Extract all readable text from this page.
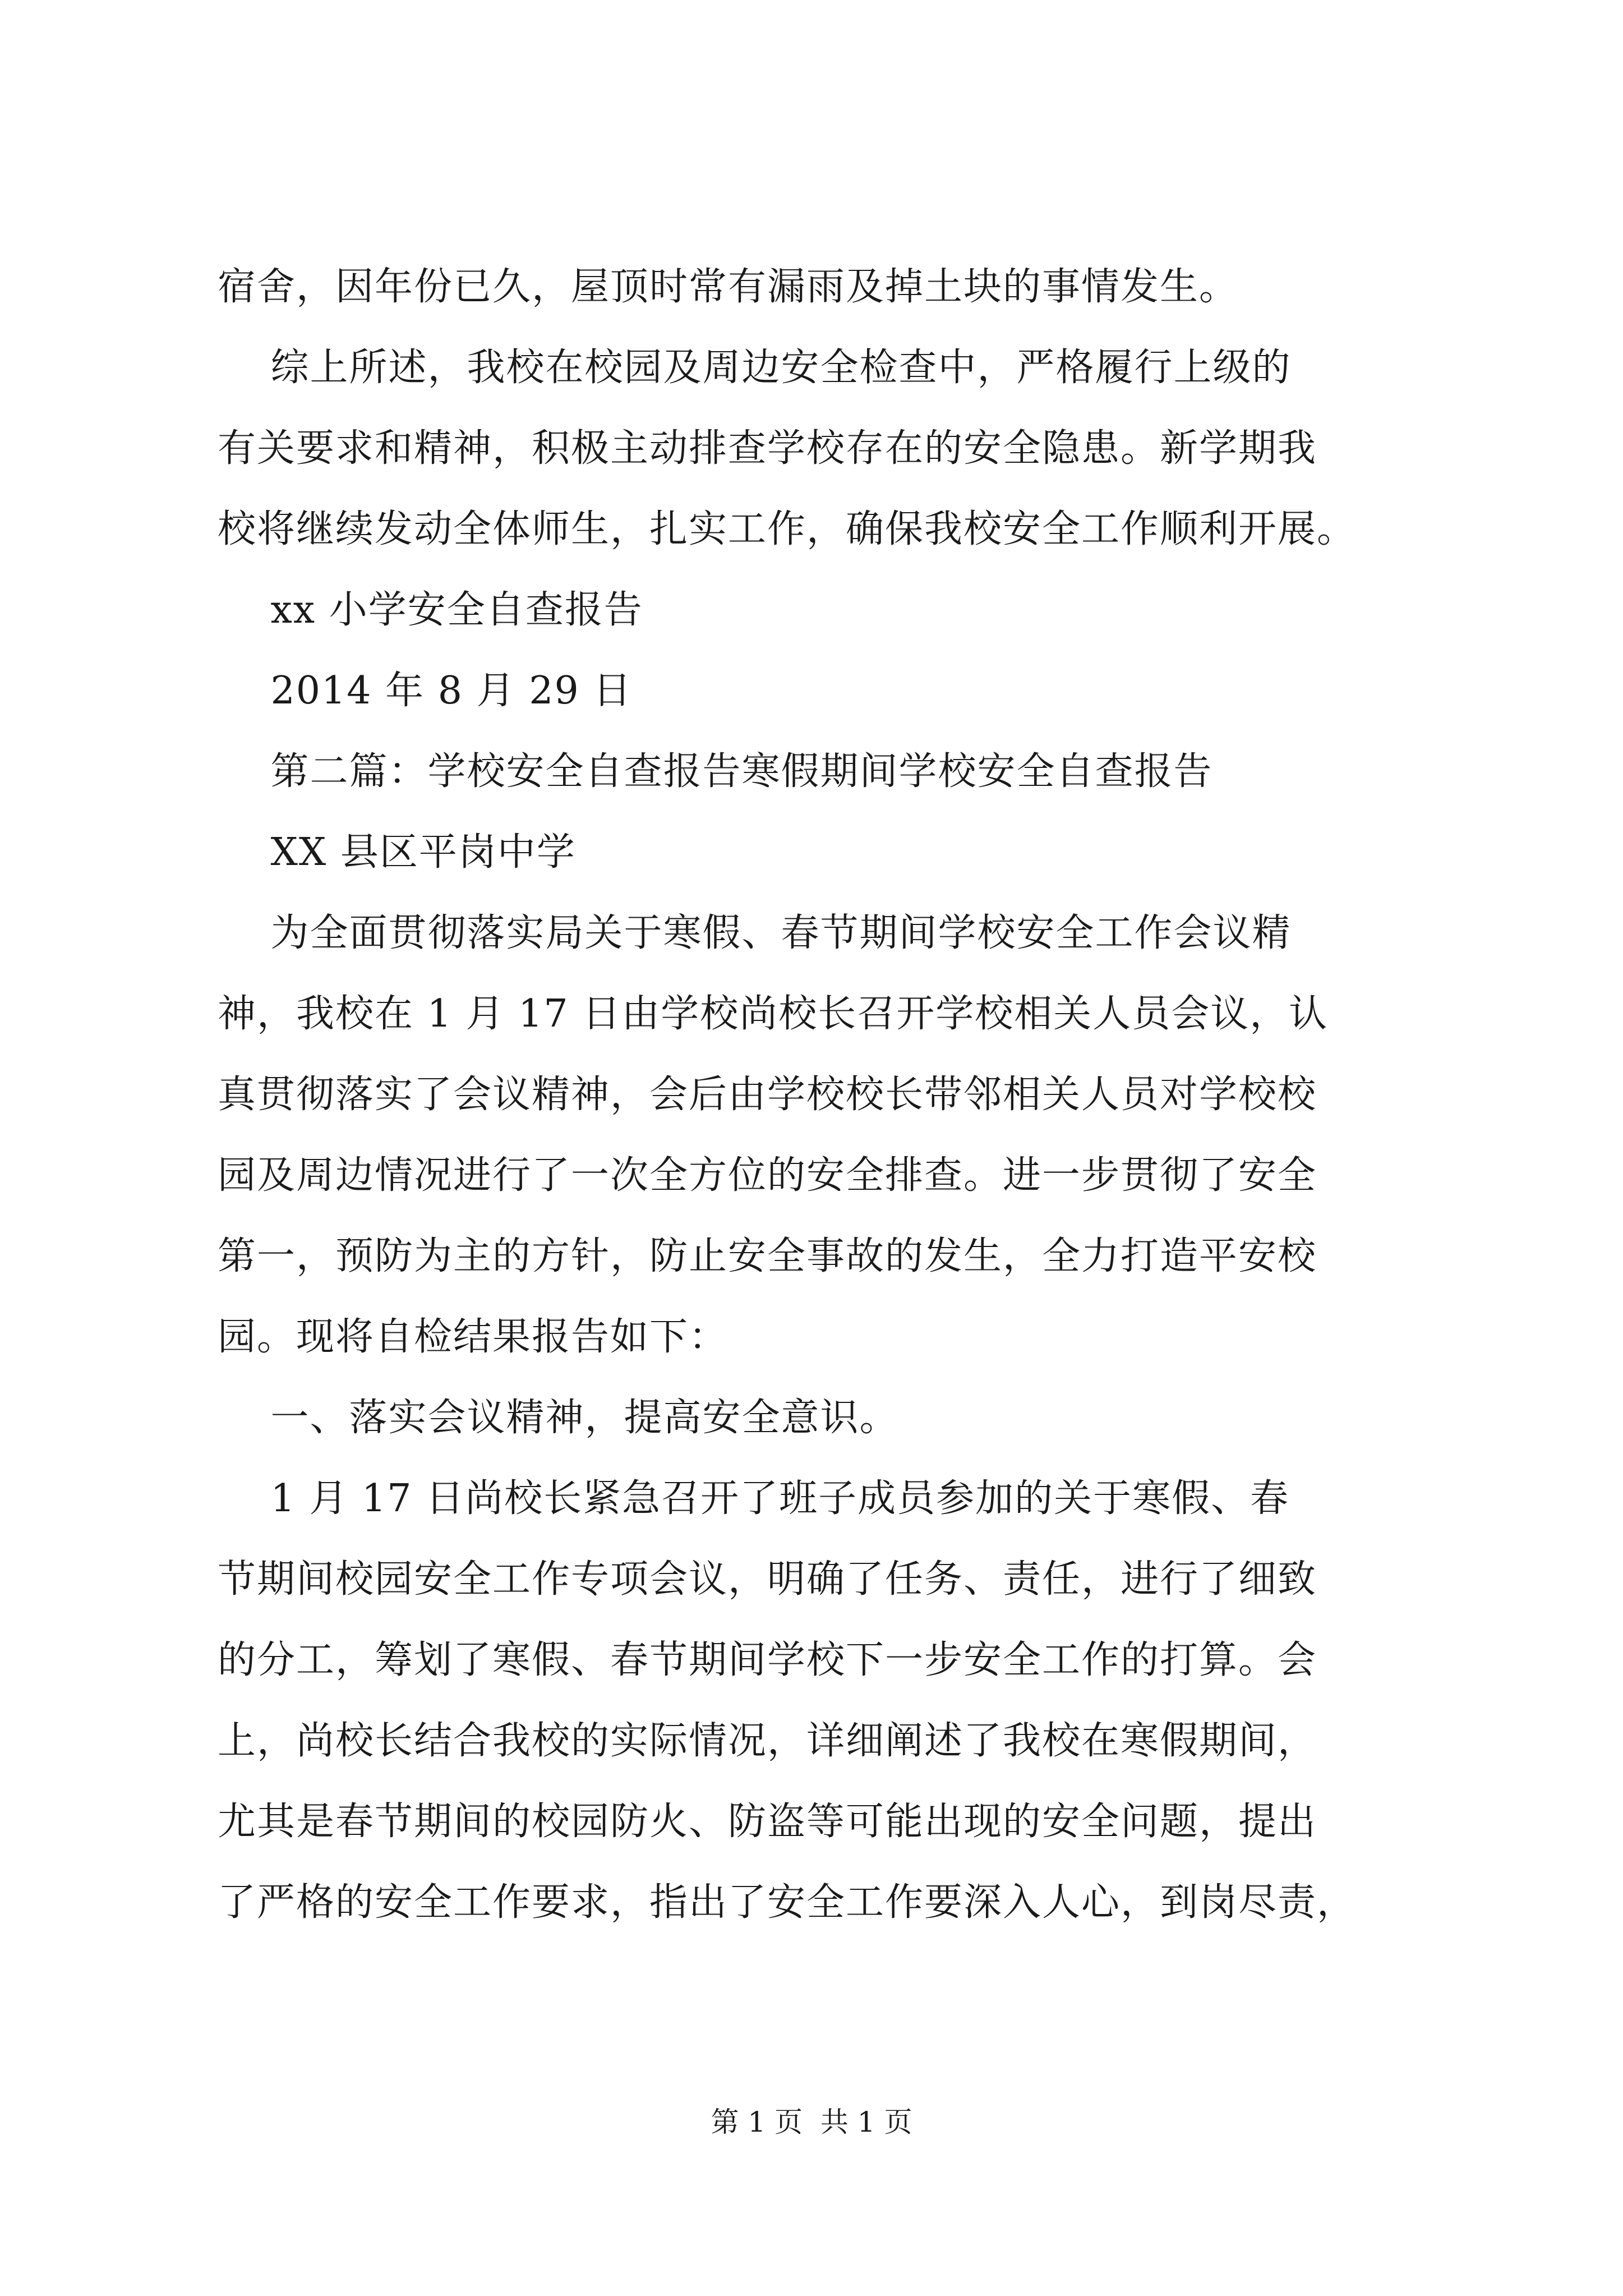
宿舍，因年份已久，屋顶时常有漏雨及掉土块的事情发生。
综上所述，我校在校园及周边安全检查中，严格履行上级的
有关要求和精神，积极主动排查学校存在的安全隐患。新学期我
校将继续发动全体师生，扎实工作，确保我校安全工作顺利开展。
xx 小学安全自查报告
2014 年 8 月 29 日
第二篇：学校安全自查报告寒假期间学校安全自查报告
XX 县区平岗中学
为全面贯彻落实局关于寒假、春节期间学校安全工作会议精
神，我校在 1 月 17 日由学校尚校长召开学校相关人员会议，认
真贯彻落实了会议精神，会后由学校校长带邻相关人员对学校校
园及周边情况进行了一次全方位的安全排查。进一步贯彻了安全
第一，预防为主的方针，防止安全事故的发生，全力打造平安校
园。现将自检结果报告如下：
一、落实会议精神，提高安全意识。
1 月 17 日尚校长紧急召开了班子成员参加的关于寒假、春
节期间校园安全工作专项会议，明确了任务、责任，进行了细致
的分工，筹划了寒假、春节期间学校下一步安全工作的打算。会
上，尚校长结合我校的实际情况，详细阐述了我校在寒假期间，
尤其是春节期间的校园防火、防盗等可能出现的安全问题，提出
了严格的安全工作要求，指出了安全工作要深入人心，到岗尽责，
第 1 页  共 1 页
